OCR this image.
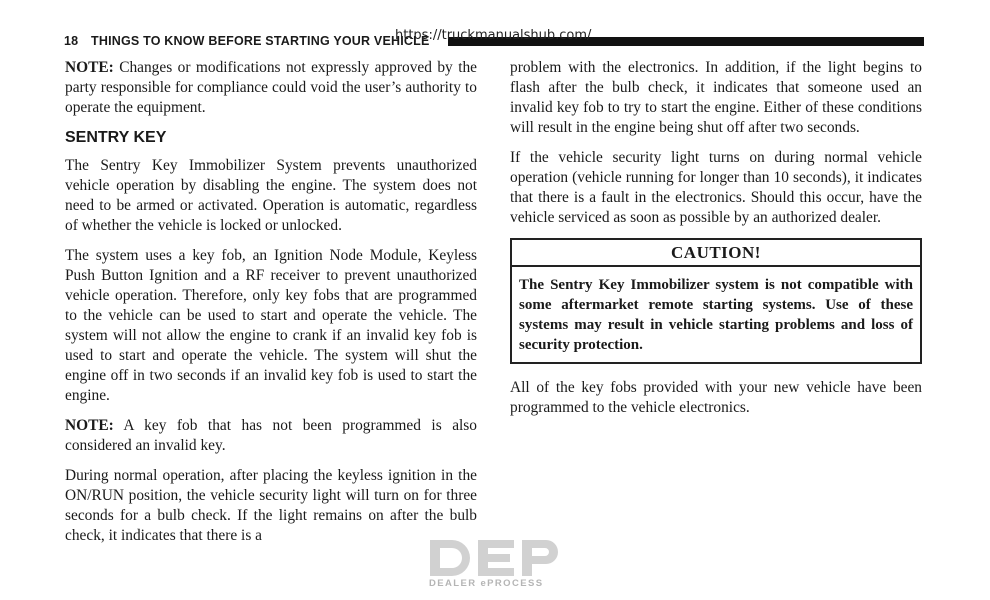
18 THINGS TO KNOW BEFORE STARTING YOUR VEHICLE
https://truckmanualshub.com/

NOTE: Changes or modifications not expressly approved by the party responsible for compliance could void the user’s authority to operate the equipment.

SENTRY KEY

The Sentry Key Immobilizer System prevents unauthorized vehicle operation by disabling the engine. The system does not need to be armed or activated. Operation is automatic, regardless of whether the vehicle is locked or unlocked.

The system uses a key fob, an Ignition Node Module, Keyless Push Button Ignition and a RF receiver to prevent unauthorized vehicle operation. Therefore, only key fobs that are programmed to the vehicle can be used to start and operate the vehicle. The system will not allow the engine to crank if an invalid key fob is used to start and operate the vehicle. The system will shut the engine off in two seconds if an invalid key fob is used to start the engine.

NOTE: A key fob that has not been programmed is also considered an invalid key.

During normal operation, after placing the keyless ignition in the ON/RUN position, the vehicle security light will turn on for three seconds for a bulb check. If the light remains on after the bulb check, it indicates that there is a

problem with the electronics. In addition, if the light begins to flash after the bulb check, it indicates that someone used an invalid key fob to try to start the engine. Either of these conditions will result in the engine being shut off after two seconds.

If the vehicle security light turns on during normal vehicle operation (vehicle running for longer than 10 seconds), it indicates that there is a fault in the electronics. Should this occur, have the vehicle serviced as soon as possible by an authorized dealer.

CAUTION!
The Sentry Key Immobilizer system is not compatible with some aftermarket remote starting systems. Use of these systems may result in vehicle starting problems and loss of security protection.

All of the key fobs provided with your new vehicle have been programmed to the vehicle electronics.

DEALER ePROCESS
